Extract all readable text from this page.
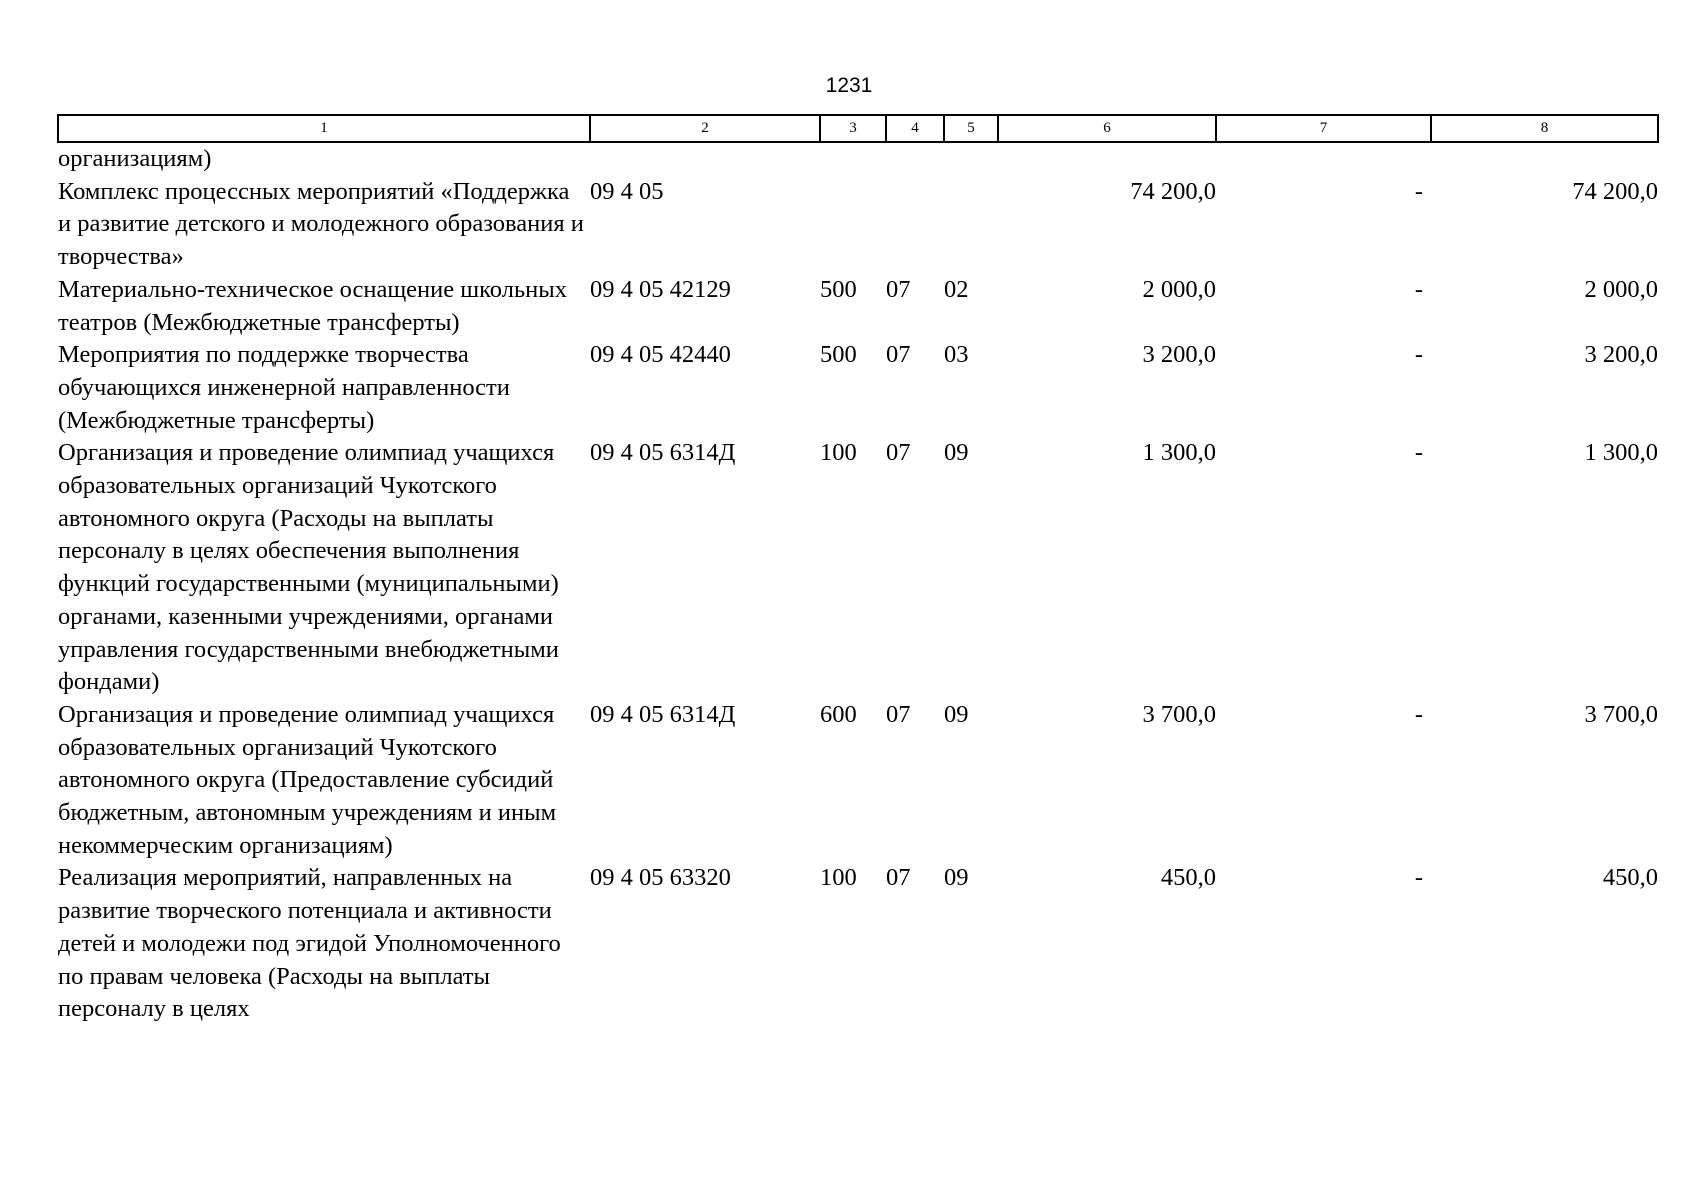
1231
1	2	3	4	5	6	7	8
организациям)							
Комплекс процессных мероприятий «Поддержка и развитие детского и молодежного образования и творчества»	09 4 05				74 200,0	-	74 200,0
Материально-техническое оснащение школьных театров (Межбюджетные трансферты)	09 4 05 42129	500	07	02	2 000,0	-	2 000,0
Мероприятия по поддержке творчества обучающихся инженерной направленности (Межбюджетные трансферты)	09 4 05 42440	500	07	03	3 200,0	-	3 200,0
Организация и проведение олимпиад учащихся образовательных организаций Чукотского автономного округа (Расходы на выплаты персоналу в целях обеспечения выполнения функций государственными (муниципальными) органами, казенными учреждениями, органами управления государственными внебюджетными фондами)	09 4 05 6314Д	100	07	09	1 300,0	-	1 300,0
Организация и проведение олимпиад учащихся образовательных организаций Чукотского автономного округа (Предоставление субсидий бюджетным, автономным учреждениям и иным некоммерческим организациям)	09 4 05 6314Д	600	07	09	3 700,0	-	3 700,0
Реализация мероприятий, направленных на развитие творческого потенциала и активности детей и молодежи под эгидой Уполномоченного по правам человека (Расходы на выплаты персоналу в целях	09 4 05 63320	100	07	09	450,0	-	450,0
